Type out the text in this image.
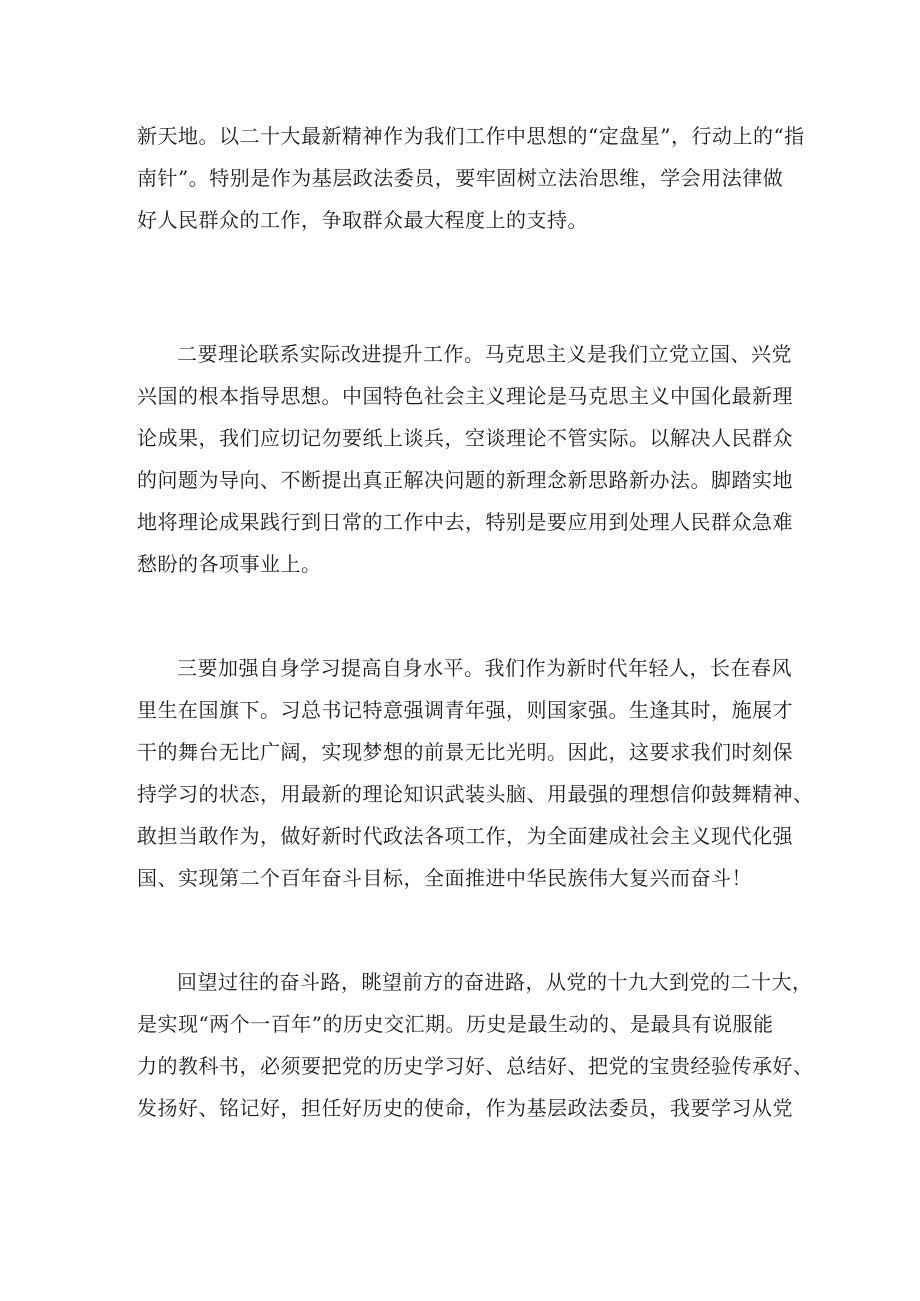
新天地。以二十大最新精神作为我们工作中思想的“定盘星”，行动上的“指
南针”。特别是作为基层政法委员，要牢固树立法治思维，学会用法律做
好人民群众的工作，争取群众最大程度上的支持。

二要理论联系实际改进提升工作。马克思主义是我们立党立国、兴党
兴国的根本指导思想。中国特色社会主义理论是马克思主义中国化最新理
论成果，我们应切记勿要纸上谈兵，空谈理论不管实际。以解决人民群众
的问题为导向、不断提出真正解决问题的新理念新思路新办法。脚踏实地
地将理论成果践行到日常的工作中去，特别是要应用到处理人民群众急难
愁盼的各项事业上。

三要加强自身学习提高自身水平。我们作为新时代年轻人，长在春风
里生在国旗下。习总书记特意强调青年强，则国家强。生逢其时，施展才
干的舞台无比广阔，实现梦想的前景无比光明。因此，这要求我们时刻保
持学习的状态，用最新的理论知识武装头脑、用最强的理想信仰鼓舞精神、
敢担当敢作为，做好新时代政法各项工作，为全面建成社会主义现代化强
国、实现第二个百年奋斗目标，全面推进中华民族伟大复兴而奋斗！

回望过往的奋斗路，眺望前方的奋进路，从党的十九大到党的二十大，
是实现“两个一百年”的历史交汇期。历史是最生动的、是最具有说服能
力的教科书，必须要把党的历史学习好、总结好、把党的宝贵经验传承好、
发扬好、铭记好，担任好历史的使命，作为基层政法委员，我要学习从党
